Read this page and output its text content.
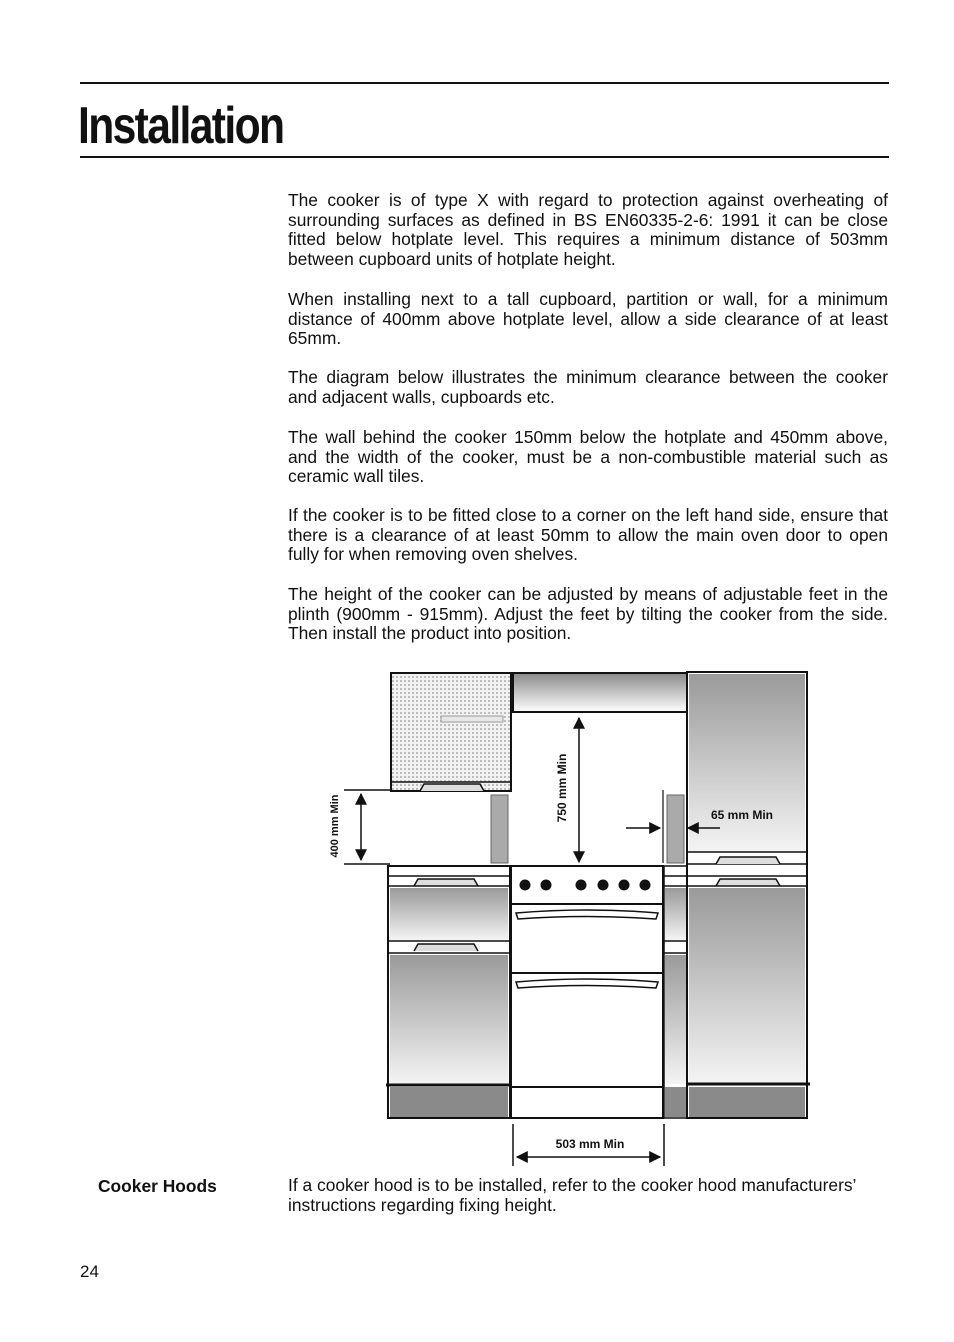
Installation

The cooker is of type X with regard to protection against overheating of surrounding surfaces as defined in BS EN60335-2-6: 1991 it can be close fitted below hotplate level. This requires a minimum distance of 503mm between cupboard units of hotplate height.

When installing next to a tall cupboard, partition or wall, for a minimum distance of 400mm above hotplate level, allow a side clearance of at least 65mm.

The diagram below illustrates the minimum clearance between the cooker and adjacent walls, cupboards etc.

The wall behind the cooker 150mm below the hotplate and 450mm above, and the width of the cooker, must be a non-combustible material such as ceramic wall tiles.

If the cooker is to be fitted close to a corner on the left hand side, ensure that there is a clearance of at least 50mm to allow the main oven door to open fully for when removing oven shelves.

The height of the cooker can be adjusted by means of adjustable feet in the plinth (900mm - 915mm). Adjust the feet by tilting the cooker from the side. Then install the product into position.

400 mm Min
750 mm Min	65 mm Min
503 mm Min

Cooker Hoods	If a cooker hood is to be installed, refer to the cooker hood manufacturers’ instructions regarding fixing height.

24
